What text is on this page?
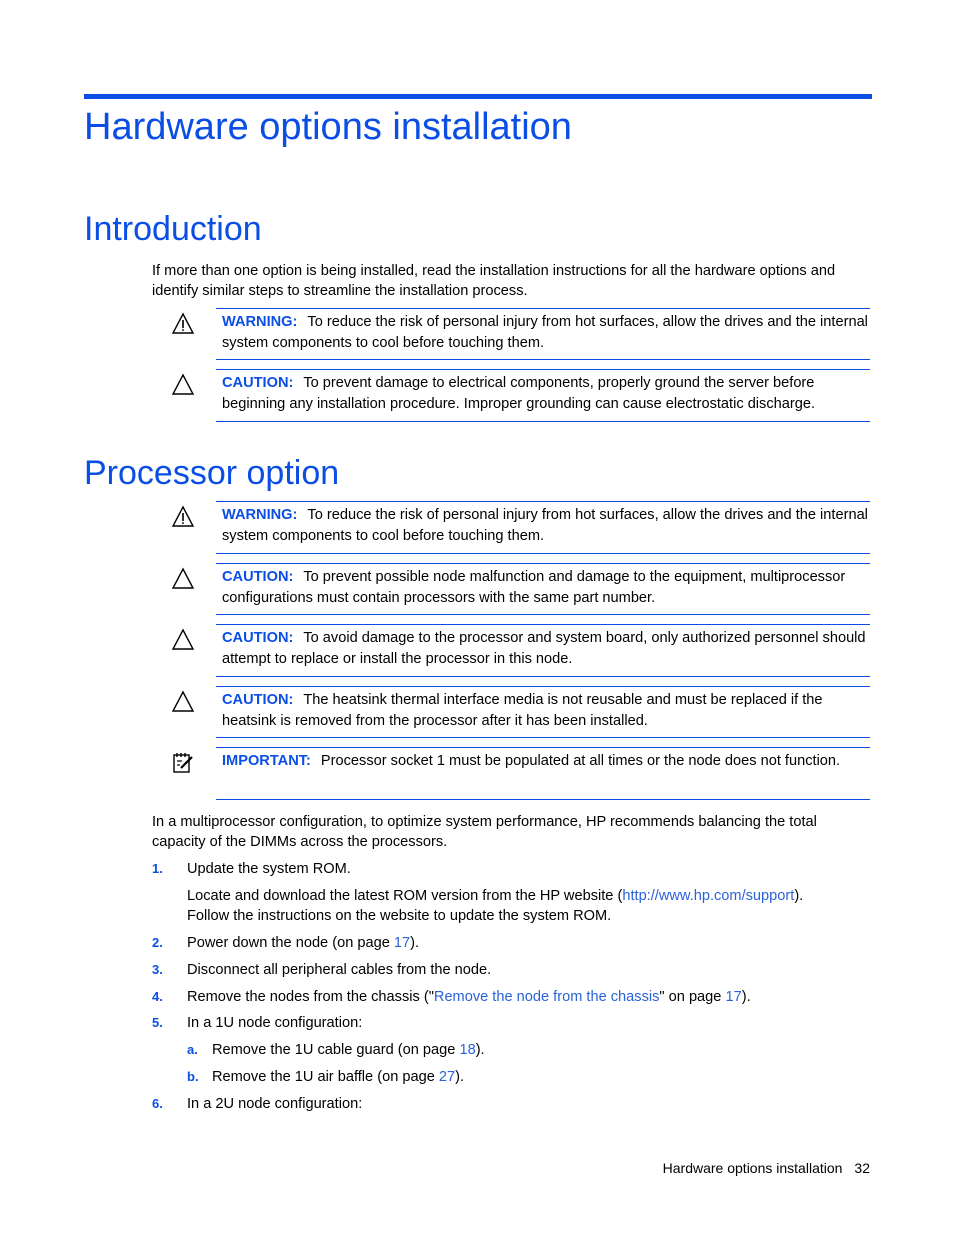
Hardware options installation
Introduction
If more than one option is being installed, read the installation instructions for all the hardware options and identify similar steps to streamline the installation process.
WARNING: To reduce the risk of personal injury from hot surfaces, allow the drives and the internal system components to cool before touching them.
CAUTION: To prevent damage to electrical components, properly ground the server before beginning any installation procedure. Improper grounding can cause electrostatic discharge.
Processor option
WARNING: To reduce the risk of personal injury from hot surfaces, allow the drives and the internal system components to cool before touching them.
CAUTION: To prevent possible node malfunction and damage to the equipment, multiprocessor configurations must contain processors with the same part number.
CAUTION: To avoid damage to the processor and system board, only authorized personnel should attempt to replace or install the processor in this node.
CAUTION: The heatsink thermal interface media is not reusable and must be replaced if the heatsink is removed from the processor after it has been installed.
IMPORTANT: Processor socket 1 must be populated at all times or the node does not function.
In a multiprocessor configuration, to optimize system performance, HP recommends balancing the total capacity of the DIMMs across the processors.
1. Update the system ROM.
Locate and download the latest ROM version from the HP website (http://www.hp.com/support).
Follow the instructions on the website to update the system ROM.
2. Power down the node (on page 17).
3. Disconnect all peripheral cables from the node.
4. Remove the nodes from the chassis ("Remove the node from the chassis" on page 17).
5. In a 1U node configuration:
a. Remove the 1U cable guard (on page 18).
b. Remove the 1U air baffle (on page 27).
6. In a 2U node configuration:
Hardware options installation 32
